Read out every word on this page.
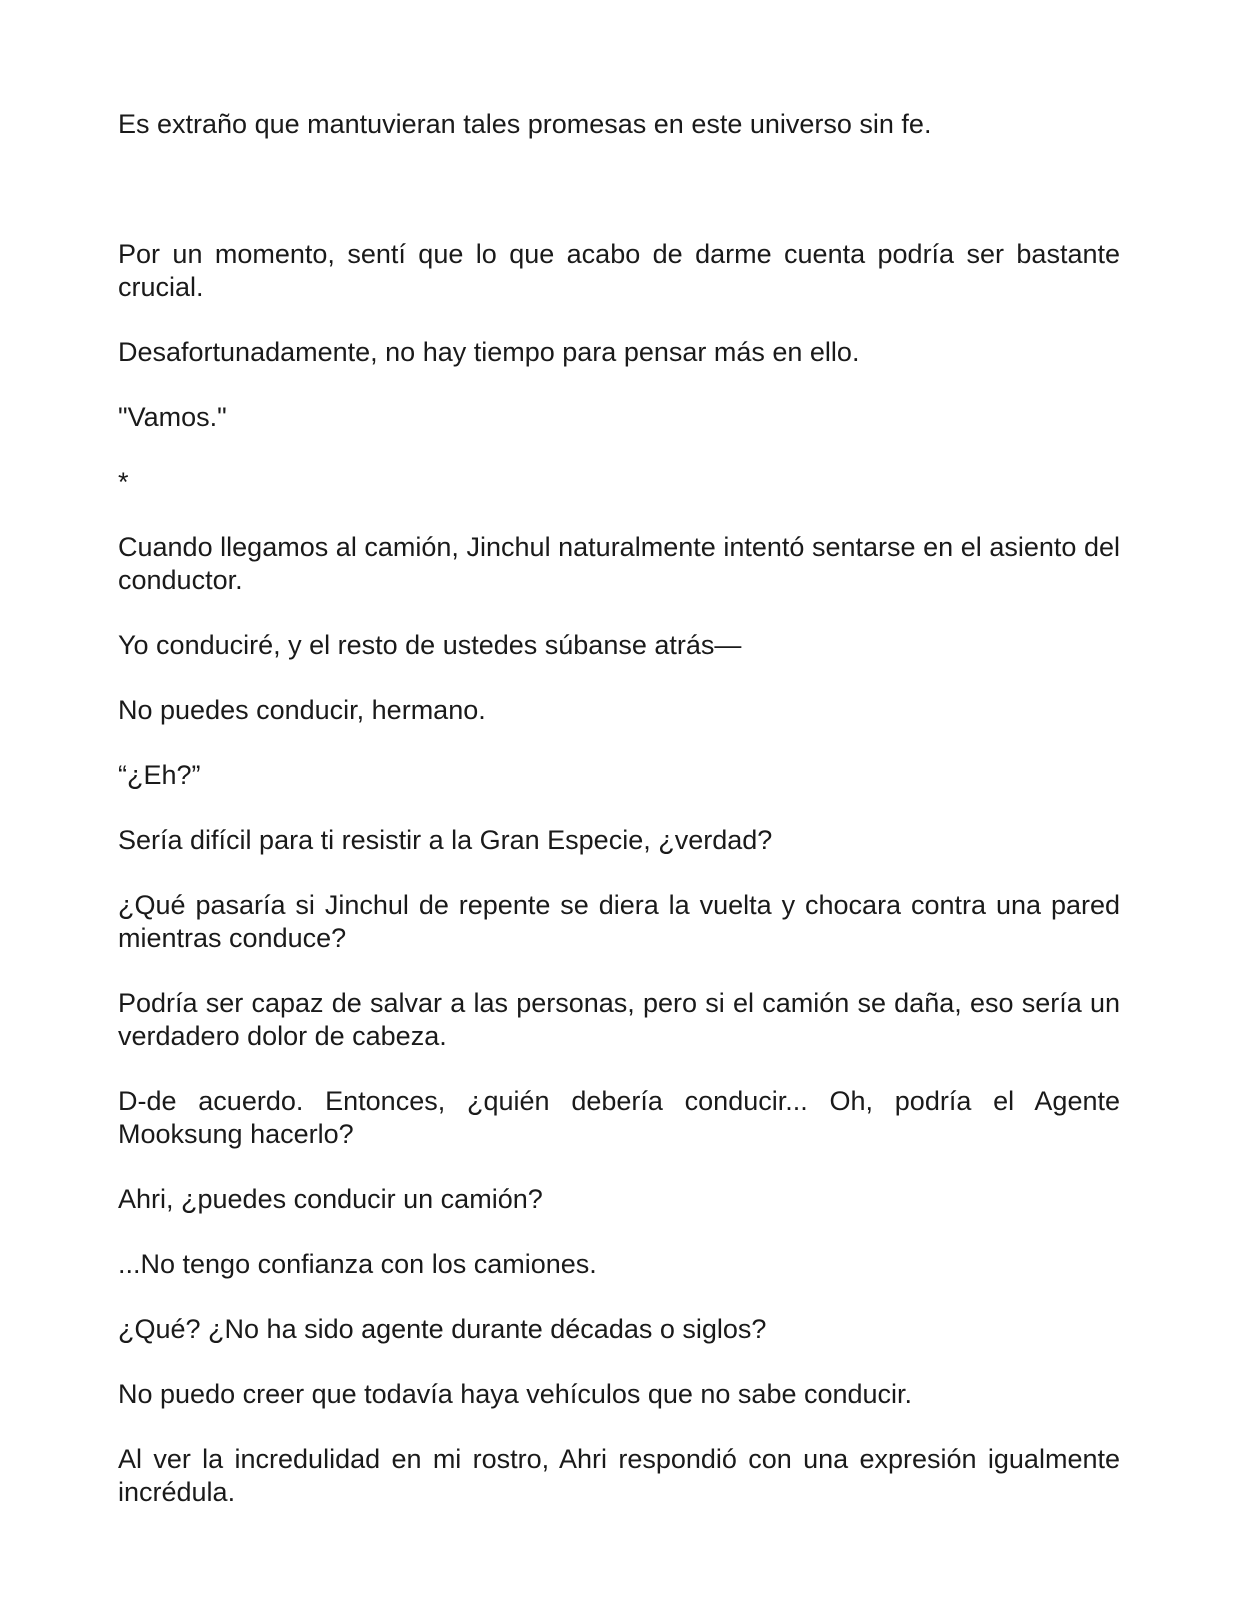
Es extraño que mantuvieran tales promesas en este universo sin fe.

Por un momento, sentí que lo que acabo de darme cuenta podría ser bastante crucial.

Desafortunadamente, no hay tiempo para pensar más en ello.

"Vamos."

*

Cuando llegamos al camión, Jinchul naturalmente intentó sentarse en el asiento del conductor.

Yo conduciré, y el resto de ustedes súbanse atrás—

No puedes conducir, hermano.

“¿Eh?”

Sería difícil para ti resistir a la Gran Especie, ¿verdad?

¿Qué pasaría si Jinchul de repente se diera la vuelta y chocara contra una pared mientras conduce?

Podría ser capaz de salvar a las personas, pero si el camión se daña, eso sería un verdadero dolor de cabeza.

D-de acuerdo. Entonces, ¿quién debería conducir... Oh, podría el Agente Mooksung hacerlo?

Ahri, ¿puedes conducir un camión?

...No tengo confianza con los camiones.

¿Qué? ¿No ha sido agente durante décadas o siglos?

No puedo creer que todavía haya vehículos que no sabe conducir.

Al ver la incredulidad en mi rostro, Ahri respondió con una expresión igualmente incrédula.
